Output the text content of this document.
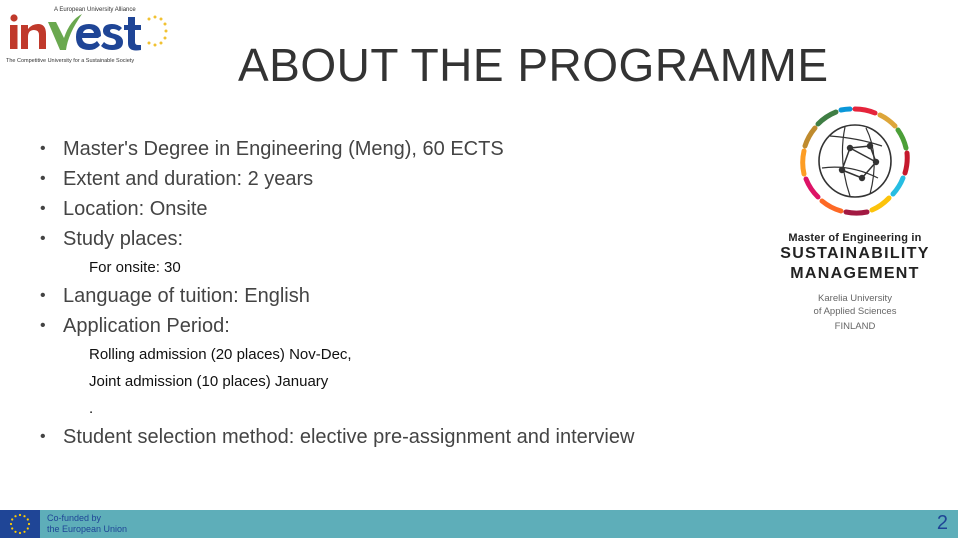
A European University Alliance
The Competitive University for a Sustainable Society ABOUT THE PROGRAMME
• Master's Degree in Engineering (Meng), 60 ECTS
• Extent and duration: 2 years
• Location: Onsite
• Study places:
For onsite: 30
• Language of tuition: English
• Application Period:
Rolling admission (20 places) Nov-Dec,
Joint admission (10 places) January
.
• Student selection method: elective pre-assignment and interview
Master of Engineering in
SUSTAINABILITY
MANAGEMENT
Karelia University
of Applied Sciences
FINLAND
Co-funded by
the European Union	2
